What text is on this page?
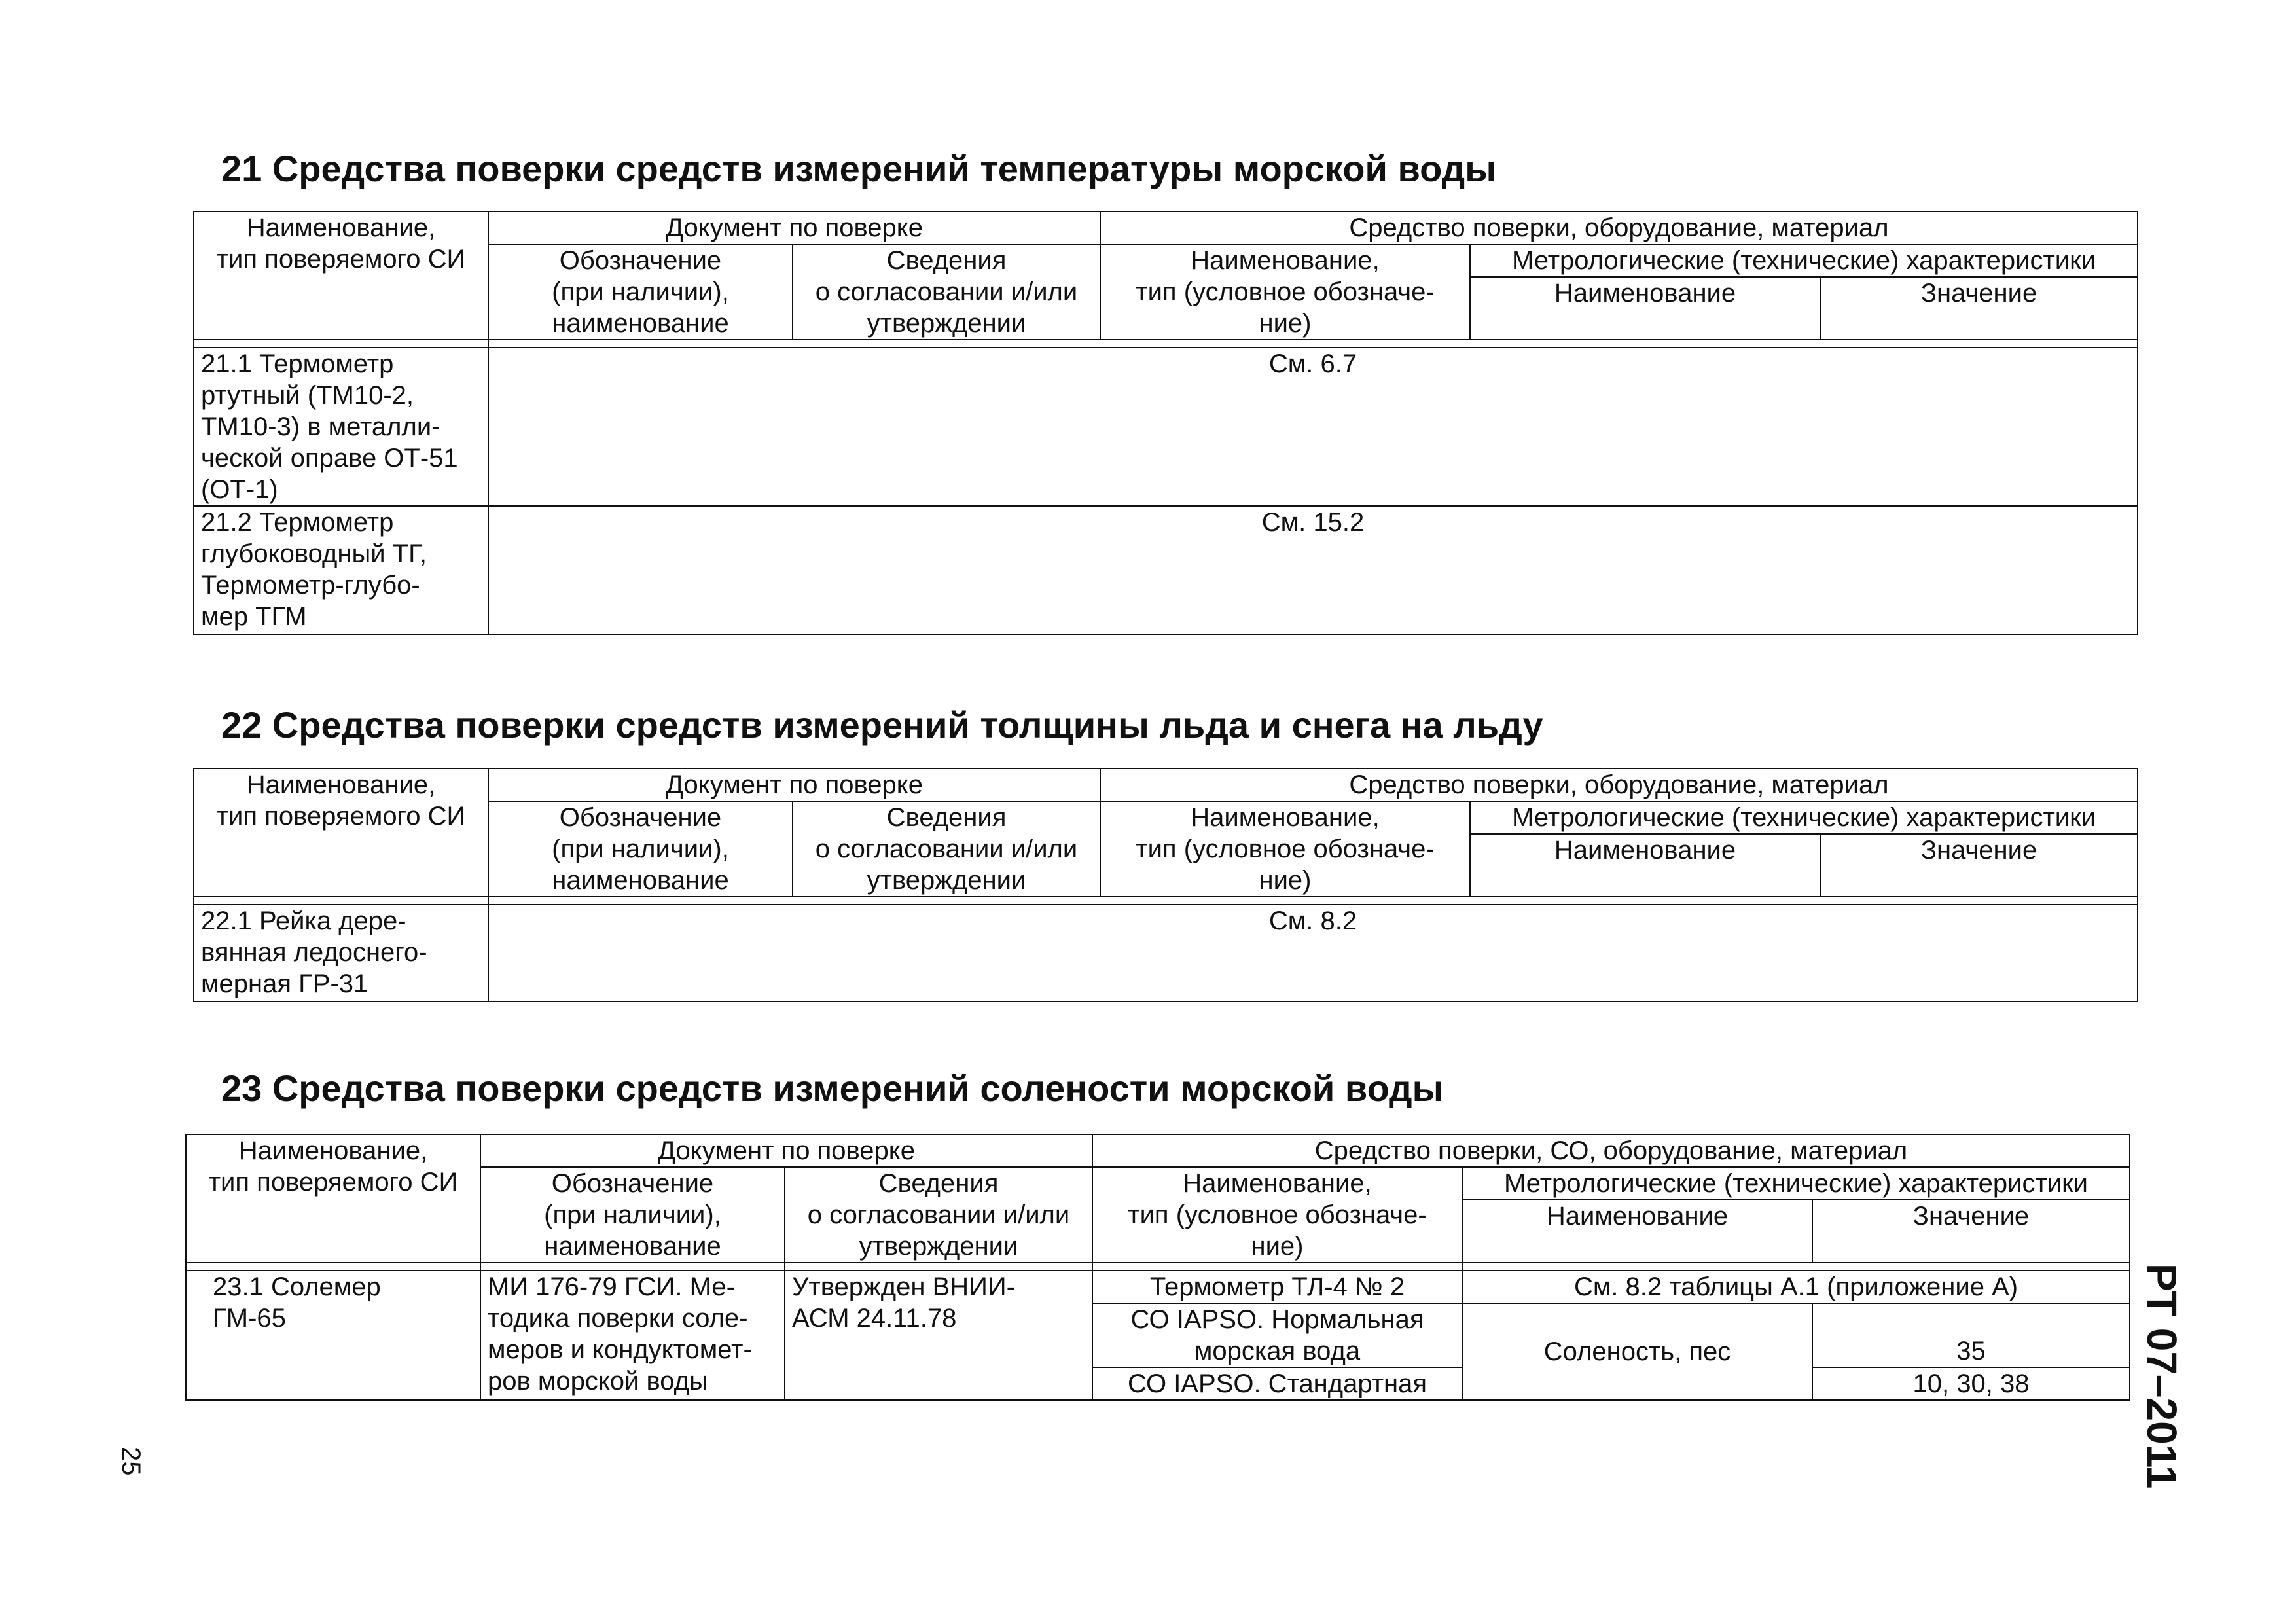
21 Средства поверки средств измерений температуры морской воды
Наименование,
тип поверяемого СИ	Документ по поверке		Средство поверки, оборудование, материал		
	Обозначение
(при наличии),
наименование	Сведения
о согласовании и/или
утверждении	Наименование,
тип (условное обозначе-
ние)	Метрологические (технические) характеристики	
				Наименование	Значение

21.1 Термометр
ртутный (ТМ10-2,
ТМ10-3) в металли-
ческой оправе ОТ-51
(ОТ-1)	См. 6.7				
21.2 Термометр
глубоководный ТГ,
Термометр-глубо-
мер ТГМ	См. 15.2				
22 Средства поверки средств измерений толщины льда и снега на льду
Наименование,
тип поверяемого СИ	Документ по поверке		Средство поверки, оборудование, материал		
	Обозначение
(при наличии),
наименование	Сведения
о согласовании и/или
утверждении	Наименование,
тип (условное обозначе-
ние)	Метрологические (технические) характеристики	
				Наименование	Значение

22.1 Рейка дере-
вянная ледоснего-
мерная ГР-31	См. 8.2				
23 Средства поверки средств измерений солености морской воды
Наименование,
тип поверяемого СИ	Документ по поверке		Средство поверки, СО, оборудование, материал		
	Обозначение
(при наличии),
наименование	Сведения
о согласовании и/или
утверждении	Наименование,
тип (условное обозначе-
ние)	Метрологические (технические) характеристики	
				Наименование	Значение

23.1 Солемер
ГМ-65	МИ 176-79 ГСИ. Ме-
тодика поверки соле-
меров и кондуктомет-
ров морской воды	Утвержден ВНИИ-
АСМ 24.11.78	Термометр ТЛ-4 № 2	См. 8.2 таблицы А.1 (приложение А)	
			СО IAPSO. Нормальная
морская вода	Соленость, пес	35
			СО IAPSO. Стандартная		10, 30, 38	РТ 07–2011
25
